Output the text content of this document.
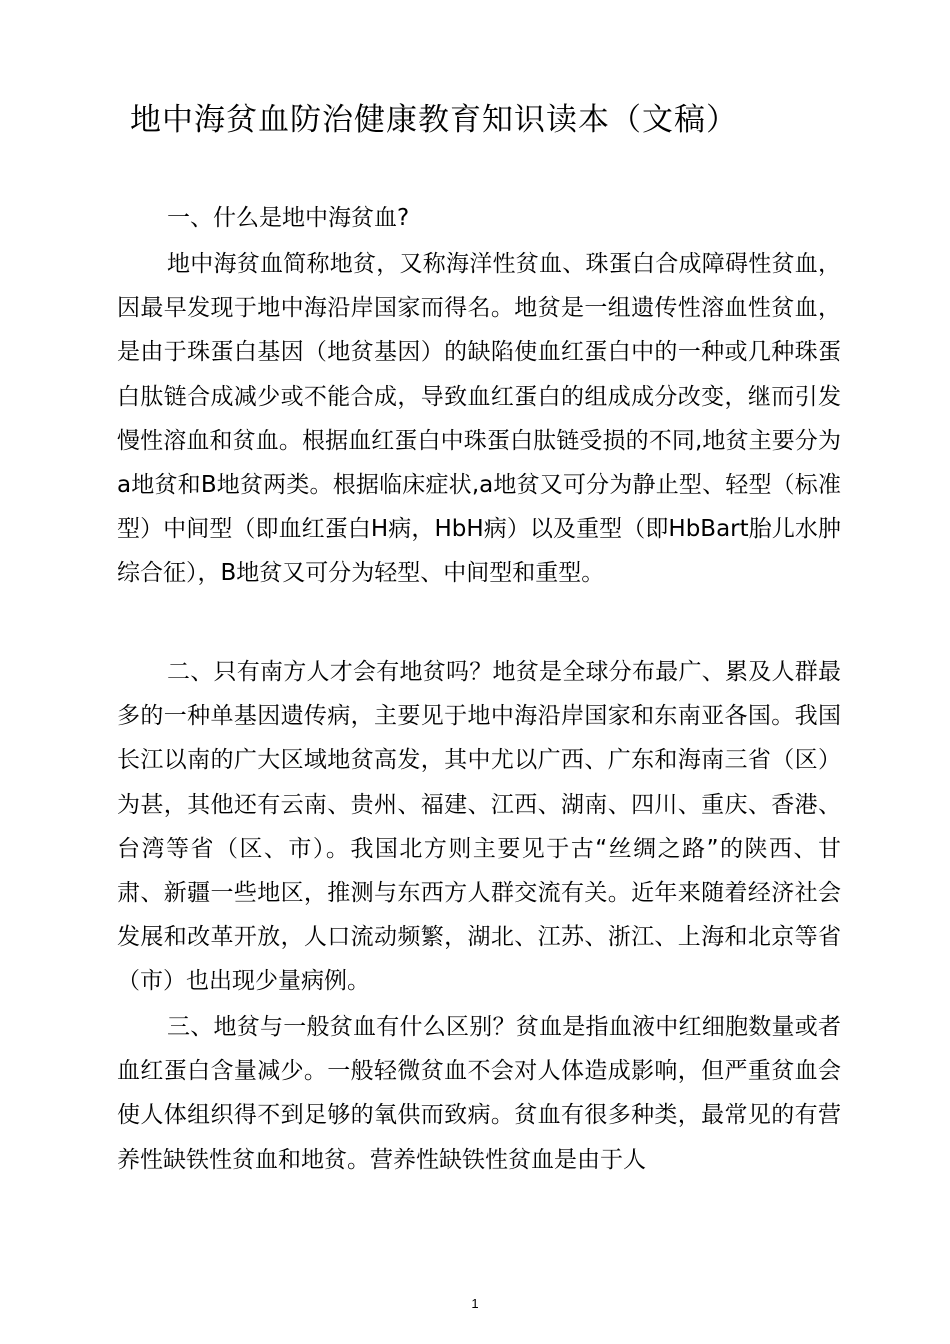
地中海贫血防治健康教育知识读本（文稿）
一、什么是地中海贫血?

地中海贫血简称地贫，又称海洋性贫血、珠蛋白合成障碍性贫血，因最早发现于地中海沿岸国家而得名。地贫是一组遗传性溶血性贫血，是由于珠蛋白基因（地贫基因）的缺陷使血红蛋白中的一种或几种珠蛋白肽链合成减少或不能合成，导致血红蛋白的组成成分改变，继而引发慢性溶血和贫血。根据血红蛋白中珠蛋白肽链受损的不同,地贫主要分为a地贫和B地贫两类。根据临床症状,a地贫又可分为静止型、轻型（标准型）中间型（即血红蛋白H病，HbH病）以及重型（即HbBart胎儿水肿综合征），B地贫又可分为轻型、中间型和重型。

二、只有南方人才会有地贫吗？地贫是全球分布最广、累及人群最多的一种单基因遗传病，主要见于地中海沿岸国家和东南亚各国。我国长江以南的广大区域地贫高发，其中尤以广西、广东和海南三省（区）为甚，其他还有云南、贵州、福建、江西、湖南、四川、重庆、香港、台湾等省（区、市）。我国北方则主要见于古“丝绸之路”的陕西、甘肃、新疆一些地区，推测与东西方人群交流有关。近年来随着经济社会发展和改革开放，人口流动频繁，湖北、江苏、浙江、上海和北京等省（市）也出现少量病例。

三、地贫与一般贫血有什么区别？贫血是指血液中红细胞数量或者血红蛋白含量减少。一般轻微贫血不会对人体造成影响，但严重贫血会使人体组织得不到足够的氧供而致病。贫血有很多种类，最常见的有营养性缺铁性贫血和地贫。营养性缺铁性贫血是由于人

1
